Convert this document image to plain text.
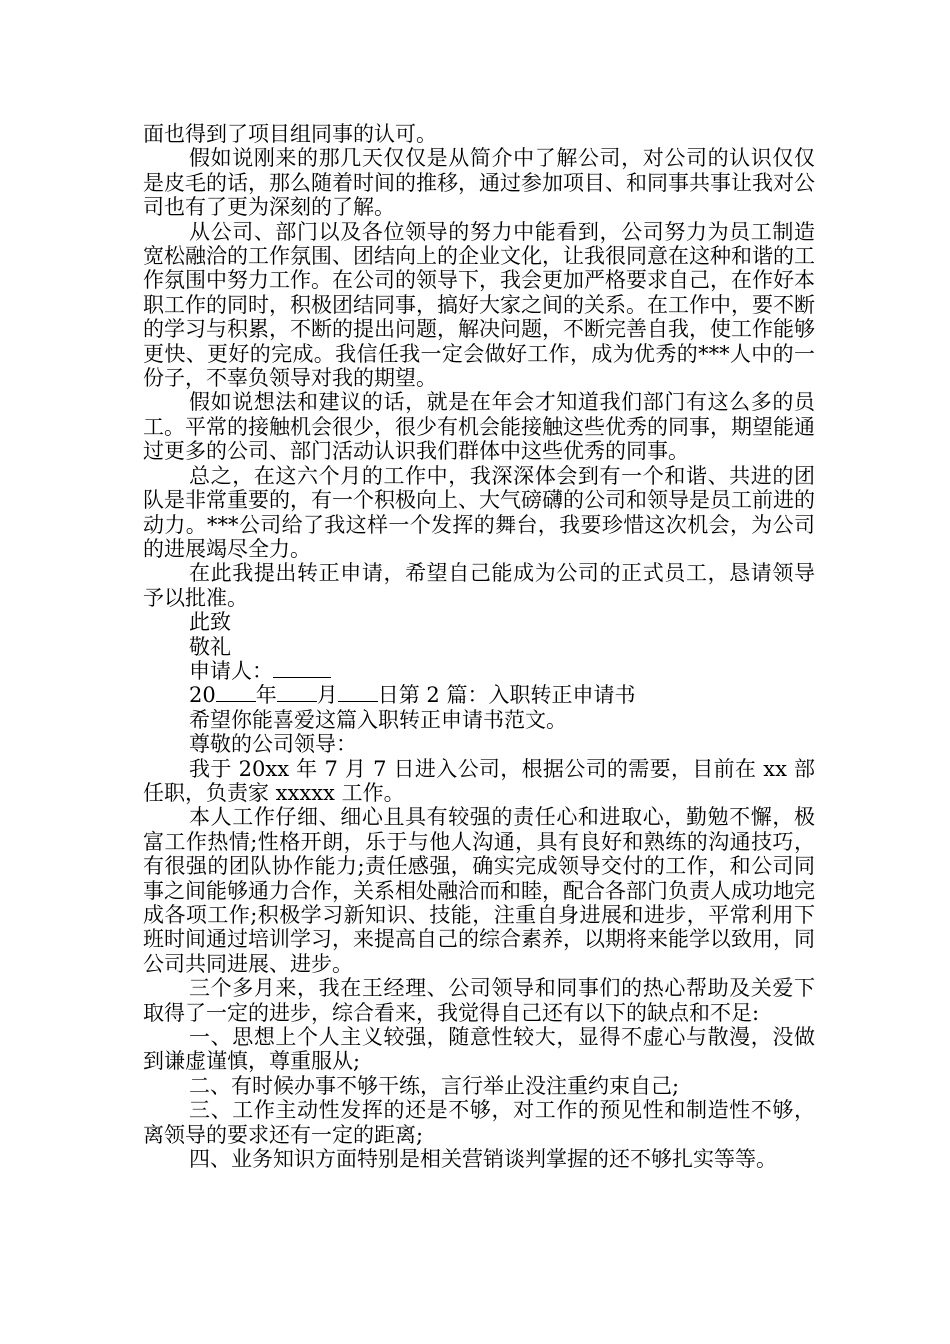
面也得到了项目组同事的认可。

假如说刚来的那几天仅仅是从简介中了解公司，对公司的认识仅仅是皮毛的话，那么随着时间的推移，通过参加项目、和同事共事让我对公司也有了更为深刻的了解。

从公司、部门以及各位领导的努力中能看到，公司努力为员工制造宽松融洽的工作氛围、团结向上的企业文化，让我很同意在这种和谐的工作氛围中努力工作。在公司的领导下，我会更加严格要求自己，在作好本职工作的同时，积极团结同事，搞好大家之间的关系。在工作中，要不断的学习与积累，不断的提出问题，解决问题，不断完善自我，使工作能够更快、更好的完成。我信任我一定会做好工作，成为优秀的***人中的一份子，不辜负领导对我的期望。

假如说想法和建议的话，就是在年会才知道我们部门有这么多的员工。平常的接触机会很少，很少有机会能接触这些优秀的同事，期望能通过更多的公司、部门活动认识我们群体中这些优秀的同事。

总之，在这六个月的工作中，我深深体会到有一个和谐、共进的团队是非常重要的，有一个积极向上、大气磅礴的公司和领导是员工前进的动力。***公司给了我这样一个发挥的舞台，我要珍惜这次机会，为公司的进展竭尽全力。

在此我提出转正申请，希望自己能成为公司的正式员工，恳请领导予以批准。

此致

敬礼

申请人：

20 年 月 日第 2 篇：入职转正申请书

希望你能喜爱这篇入职转正申请书范文。

尊敬的公司领导：

我于 20xx 年 7 月 7 日进入公司，根据公司的需要，目前在 xx 部任职，负责家 xxxxx 工作。

本人工作仔细、细心且具有较强的责任心和进取心，勤勉不懈，极富工作热情;性格开朗，乐于与他人沟通，具有良好和熟练的沟通技巧，有很强的团队协作能力;责任感强，确实完成领导交付的工作，和公司同事之间能够通力合作，关系相处融洽而和睦，配合各部门负责人成功地完成各项工作;积极学习新知识、技能，注重自身进展和进步，平常利用下班时间通过培训学习，来提高自己的综合素养，以期将来能学以致用，同公司共同进展、进步。

三个多月来，我在王经理、公司领导和同事们的热心帮助及关爱下取得了一定的进步，综合看来，我觉得自己还有以下的缺点和不足:

一、思想上个人主义较强，随意性较大，显得不虚心与散漫，没做到谦虚谨慎，尊重服从;

二、有时候办事不够干练，言行举止没注重约束自己;

三、工作主动性发挥的还是不够，对工作的预见性和制造性不够，离领导的要求还有一定的距离;

四、业务知识方面特别是相关营销谈判掌握的还不够扎实等等。
